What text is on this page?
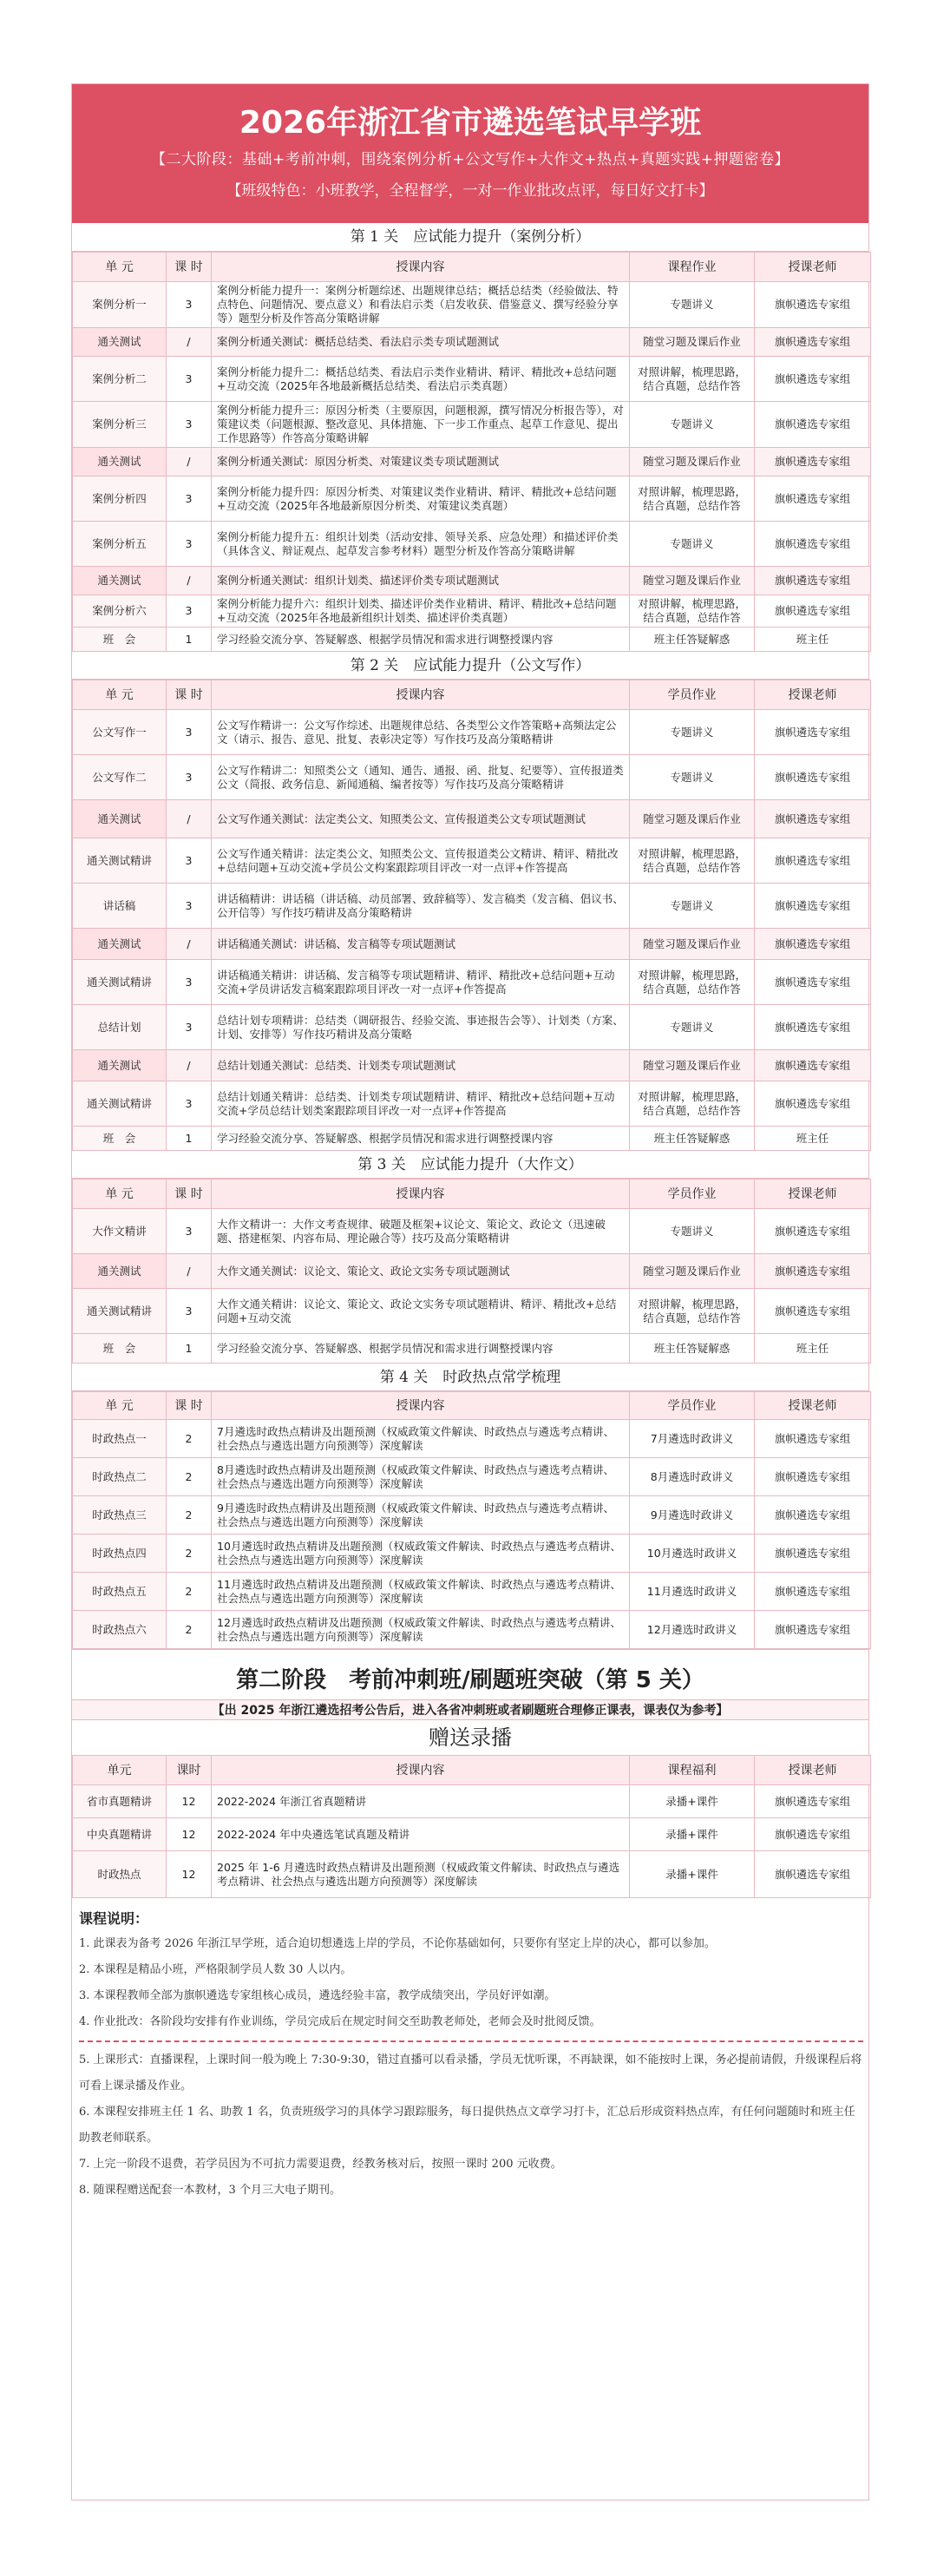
2026年浙江省市遴选笔试早学班
【二大阶段：基础+考前冲刺，围绕案例分析+公文写作+大作文+热点+真题实践+押题密卷】
【班级特色：小班教学，全程督学，一对一作业批改点评，每日好文打卡】
第 1 关　应试能力提升（案例分析）
单 元	课 时	授课内容	课程作业	授课老师
案例分析一	3	案例分析能力提升一：案例分析题综述、出题规律总结；概括总结类（经验做法、特点特色、问题情况、要点意义）和看法启示类（启发收获、借鉴意义、撰写经验分享等）题型分析及作答高分策略讲解	专题讲义	旗帜遴选专家组
通关测试	/	案例分析通关测试：概括总结类、看法启示类专项试题测试	随堂习题及课后作业	旗帜遴选专家组
案例分析二	3	案例分析能力提升二：概括总结类、看法启示类作业精讲、精评、精批改+总结问题+互动交流（2025年各地最新概括总结类、看法启示类真题）	对照讲解，梳理思路，结合真题，总结作答	旗帜遴选专家组
案例分析三	3	案例分析能力提升三：原因分析类（主要原因，问题根源，撰写情况分析报告等），对策建议类（问题根源、整改意见、具体措施、下一步工作重点、起草工作意见、提出工作思路等）作答高分策略讲解	专题讲义	旗帜遴选专家组
通关测试	/	案例分析通关测试：原因分析类、对策建议类专项试题测试	随堂习题及课后作业	旗帜遴选专家组
案例分析四	3	案例分析能力提升四：原因分析类、对策建议类作业精讲、精评、精批改+总结问题+互动交流（2025年各地最新原因分析类、对策建议类真题）	对照讲解，梳理思路，结合真题，总结作答	旗帜遴选专家组
案例分析五	3	案例分析能力提升五：组织计划类（活动安排、领导关系、应急处理）和描述评价类（具体含义、辩证观点、起草发言参考材料）题型分析及作答高分策略讲解	专题讲义	旗帜遴选专家组
通关测试	/	案例分析通关测试：组织计划类、描述评价类专项试题测试	随堂习题及课后作业	旗帜遴选专家组
案例分析六	3	案例分析能力提升六：组织计划类、描述评价类作业精讲、精评、精批改+总结问题+互动交流（2025年各地最新组织计划类、描述评价类真题）	对照讲解，梳理思路，结合真题，总结作答	旗帜遴选专家组
班　会	1	学习经验交流分享、答疑解惑、根据学员情况和需求进行调整授课内容	班主任答疑解惑	班主任
第 2 关　应试能力提升（公文写作）
单 元	课 时	授课内容	学员作业	授课老师
公文写作一	3	公文写作精讲一：公文写作综述、出题规律总结、各类型公文作答策略+高频法定公文（请示、报告、意见、批复、表彰决定等）写作技巧及高分策略精讲	专题讲义	旗帜遴选专家组
公文写作二	3	公文写作精讲二：知照类公文（通知、通告、通报、函、批复、纪要等）、宣传报道类公文（简报、政务信息、新闻通稿、编者按等）写作技巧及高分策略精讲	专题讲义	旗帜遴选专家组
通关测试	/	公文写作通关测试：法定类公文、知照类公文、宣传报道类公文专项试题测试	随堂习题及课后作业	旗帜遴选专家组
通关测试精讲	3	公文写作通关精讲：法定类公文、知照类公文、宣传报道类公文精讲、精评、精批改+总结问题+互动交流+学员公文构案跟踪项目评改一对一点评+作答提高	对照讲解，梳理思路，结合真题，总结作答	旗帜遴选专家组
讲话稿	3	讲话稿精讲：讲话稿（讲话稿、动员部署、致辞稿等）、发言稿类（发言稿、倡议书、公开信等）写作技巧精讲及高分策略精讲	专题讲义	旗帜遴选专家组
通关测试	/	讲话稿通关测试：讲话稿、发言稿等专项试题测试	随堂习题及课后作业	旗帜遴选专家组
通关测试精讲	3	讲话稿通关精讲：讲话稿、发言稿等专项试题精讲、精评、精批改+总结问题+互动交流+学员讲话发言稿案跟踪项目评改一对一点评+作答提高	对照讲解，梳理思路，结合真题，总结作答	旗帜遴选专家组
总结计划	3	总结计划专项精讲：总结类（调研报告、经验交流、事迹报告会等）、计划类（方案、计划、安排等）写作技巧精讲及高分策略	专题讲义	旗帜遴选专家组
通关测试	/	总结计划通关测试：总结类、计划类专项试题测试	随堂习题及课后作业	旗帜遴选专家组
通关测试精讲	3	总结计划通关精讲：总结类、计划类专项试题精讲、精评、精批改+总结问题+互动交流+学员总结计划类案跟踪项目评改一对一点评+作答提高	对照讲解，梳理思路，结合真题，总结作答	旗帜遴选专家组
班　会	1	学习经验交流分享、答疑解惑、根据学员情况和需求进行调整授课内容	班主任答疑解惑	班主任
第 3 关　应试能力提升（大作文）
单 元	课 时	授课内容	学员作业	授课老师
大作文精讲	3	大作文精讲一：大作文考查规律、破题及框架+议论文、策论文、政论文（迅速破题、搭建框架、内容布局、理论融合等）技巧及高分策略精讲	专题讲义	旗帜遴选专家组
通关测试	/	大作文通关测试：议论文、策论文、政论文实务专项试题测试	随堂习题及课后作业	旗帜遴选专家组
通关测试精讲	3	大作文通关精讲：议论文、策论文、政论文实务专项试题精讲、精评、精批改+总结问题+互动交流	对照讲解，梳理思路，结合真题，总结作答	旗帜遴选专家组
班　会	1	学习经验交流分享、答疑解惑、根据学员情况和需求进行调整授课内容	班主任答疑解惑	班主任
第 4 关　时政热点常学梳理
单 元	课 时	授课内容	学员作业	授课老师
时政热点一	2	7月遴选时政热点精讲及出题预测（权威政策文件解读、时政热点与遴选考点精讲、社会热点与遴选出题方向预测等）深度解读	7月遴选时政讲义	旗帜遴选专家组
时政热点二	2	8月遴选时政热点精讲及出题预测（权威政策文件解读、时政热点与遴选考点精讲、社会热点与遴选出题方向预测等）深度解读	8月遴选时政讲义	旗帜遴选专家组
时政热点三	2	9月遴选时政热点精讲及出题预测（权威政策文件解读、时政热点与遴选考点精讲、社会热点与遴选出题方向预测等）深度解读	9月遴选时政讲义	旗帜遴选专家组
时政热点四	2	10月遴选时政热点精讲及出题预测（权威政策文件解读、时政热点与遴选考点精讲、社会热点与遴选出题方向预测等）深度解读	10月遴选时政讲义	旗帜遴选专家组
时政热点五	2	11月遴选时政热点精讲及出题预测（权威政策文件解读、时政热点与遴选考点精讲、社会热点与遴选出题方向预测等）深度解读	11月遴选时政讲义	旗帜遴选专家组
时政热点六	2	12月遴选时政热点精讲及出题预测（权威政策文件解读、时政热点与遴选考点精讲、社会热点与遴选出题方向预测等）深度解读	12月遴选时政讲义	旗帜遴选专家组
第二阶段　考前冲刺班/刷题班突破（第 5 关）
【出 2025 年浙江遴选招考公告后，进入各省冲刺班或者刷题班合理修正课表，课表仅为参考】
赠送录播
单元	课时	授课内容	课程福利	授课老师
省市真题精讲	12	2022-2024 年浙江省真题精讲	录播+课件	旗帜遴选专家组
中央真题精讲	12	2022-2024 年中央遴选笔试真题及精讲	录播+课件	旗帜遴选专家组
时政热点	12	2025 年 1-6 月遴选时政热点精讲及出题预测（权威政策文件解读、时政热点与遴选考点精讲、社会热点与遴选出题方向预测等）深度解读	录播+课件	旗帜遴选专家组
课程说明：
1. 此课表为备考 2026 年浙江早学班，适合迫切想遴选上岸的学员，不论你基础如何，只要你有坚定上岸的决心，都可以参加。
2. 本课程是精品小班，严格限制学员人数 30 人以内。
3. 本课程教师全部为旗帜遴选专家组核心成员，遴选经验丰富，教学成绩突出，学员好评如潮。
4. 作业批改：各阶段均安排有作业训练，学员完成后在规定时间交至助教老师处，老师会及时批阅反馈。
5. 上课形式：直播课程，上课时间一般为晚上 7:30-9:30，错过直播可以看录播，学员无忧听课，不再缺课，如不能按时上课，务必提前请假，升级课程后将可看上课录播及作业。
6. 本课程安排班主任 1 名、助教 1 名，负责班级学习的具体学习跟踪服务，每日提供热点文章学习打卡，汇总后形成资料热点库，有任何问题随时和班主任助教老师联系。
7. 上完一阶段不退费，若学员因为不可抗力需要退费，经教务核对后，按照一课时 200 元收费。
8. 随课程赠送配套一本教材，3 个月三大电子期刊。
